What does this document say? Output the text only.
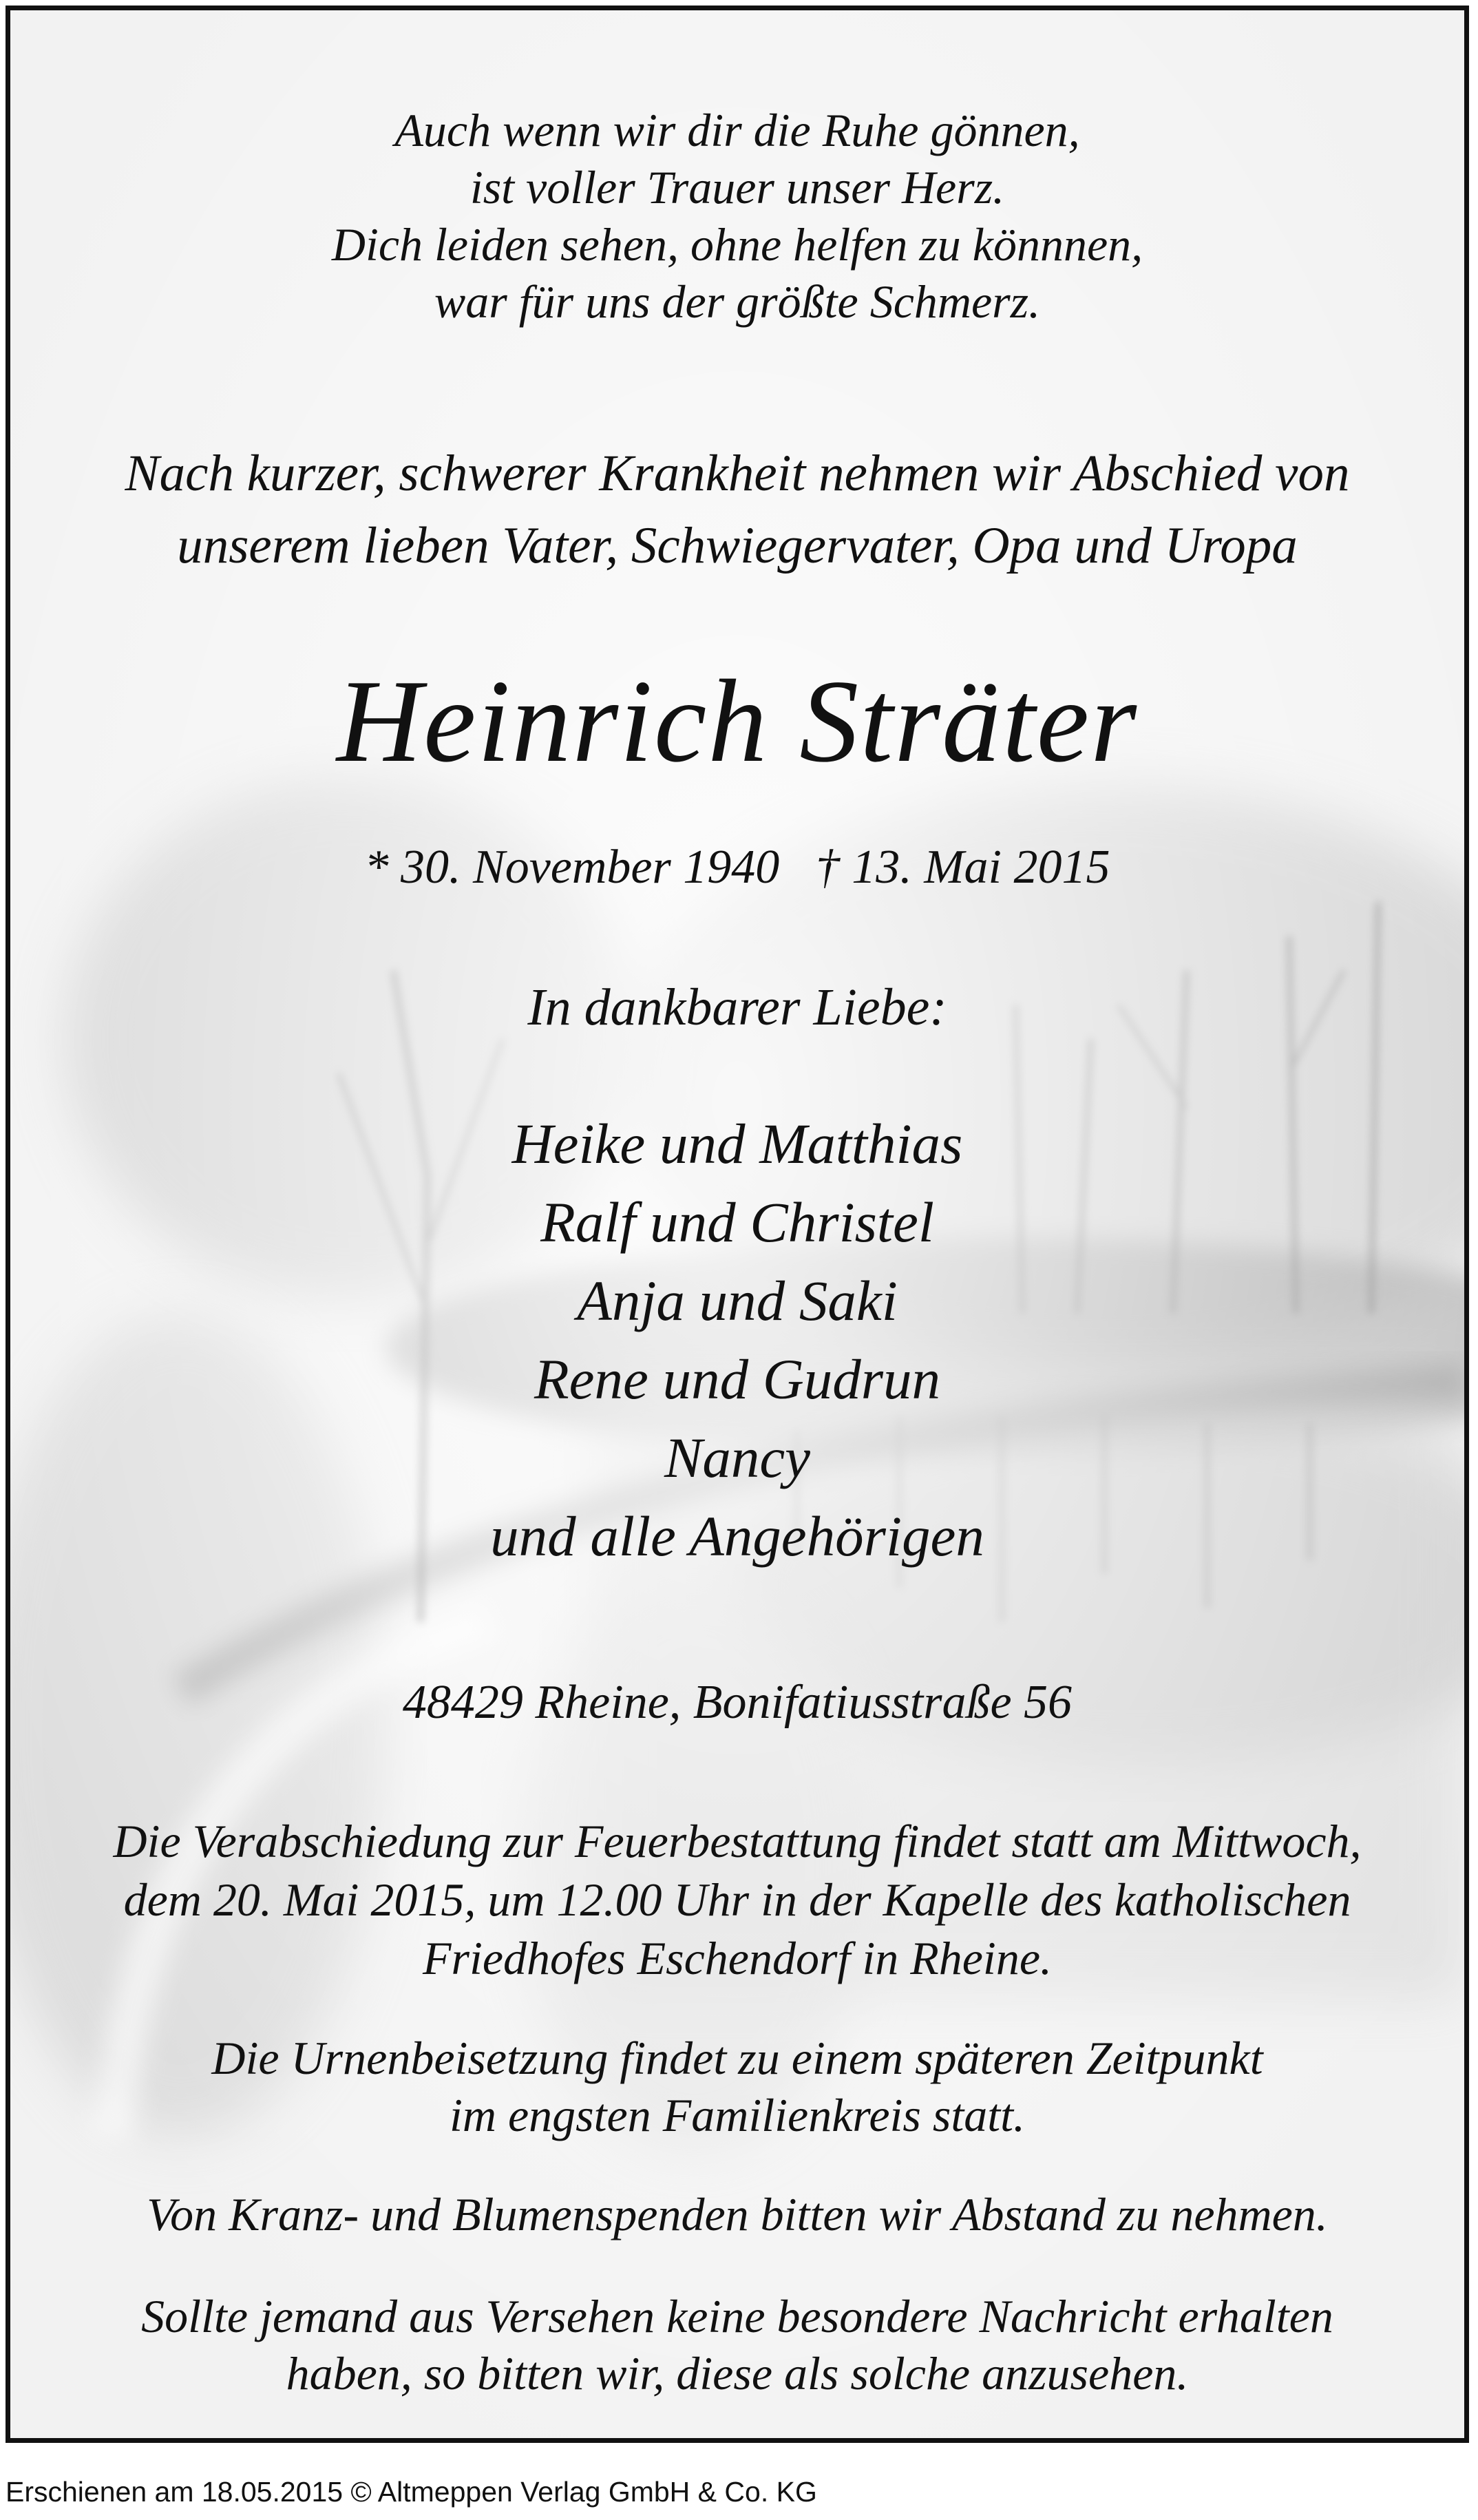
Auch wenn wir dir die Ruhe gönnen,
ist voller Trauer unser Herz.
Dich leiden sehen, ohne helfen zu könnnen,
war für uns der größte Schmerz.
Nach kurzer, schwerer Krankheit nehmen wir Abschied von
unserem lieben Vater, Schwiegervater, Opa und Uropa
Heinrich Sträter
* 30. November 1940   † 13. Mai 2015
In dankbarer Liebe:
Heike und Matthias
Ralf und Christel
Anja und Saki
Rene und Gudrun
Nancy
und alle Angehörigen
48429 Rheine, Bonifatiusstraße 56
Die Verabschiedung zur Feuerbestattung findet statt am Mittwoch,
dem 20. Mai 2015, um 12.00 Uhr in der Kapelle des katholischen
Friedhofes Eschendorf in Rheine.
Die Urnenbeisetzung findet zu einem späteren Zeitpunkt
im engsten Familienkreis statt.
Von Kranz- und Blumenspenden bitten wir Abstand zu nehmen.
Sollte jemand aus Versehen keine besondere Nachricht erhalten
haben, so bitten wir, diese als solche anzusehen.
Erschienen am 18.05.2015 © Altmeppen Verlag GmbH & Co. KG
